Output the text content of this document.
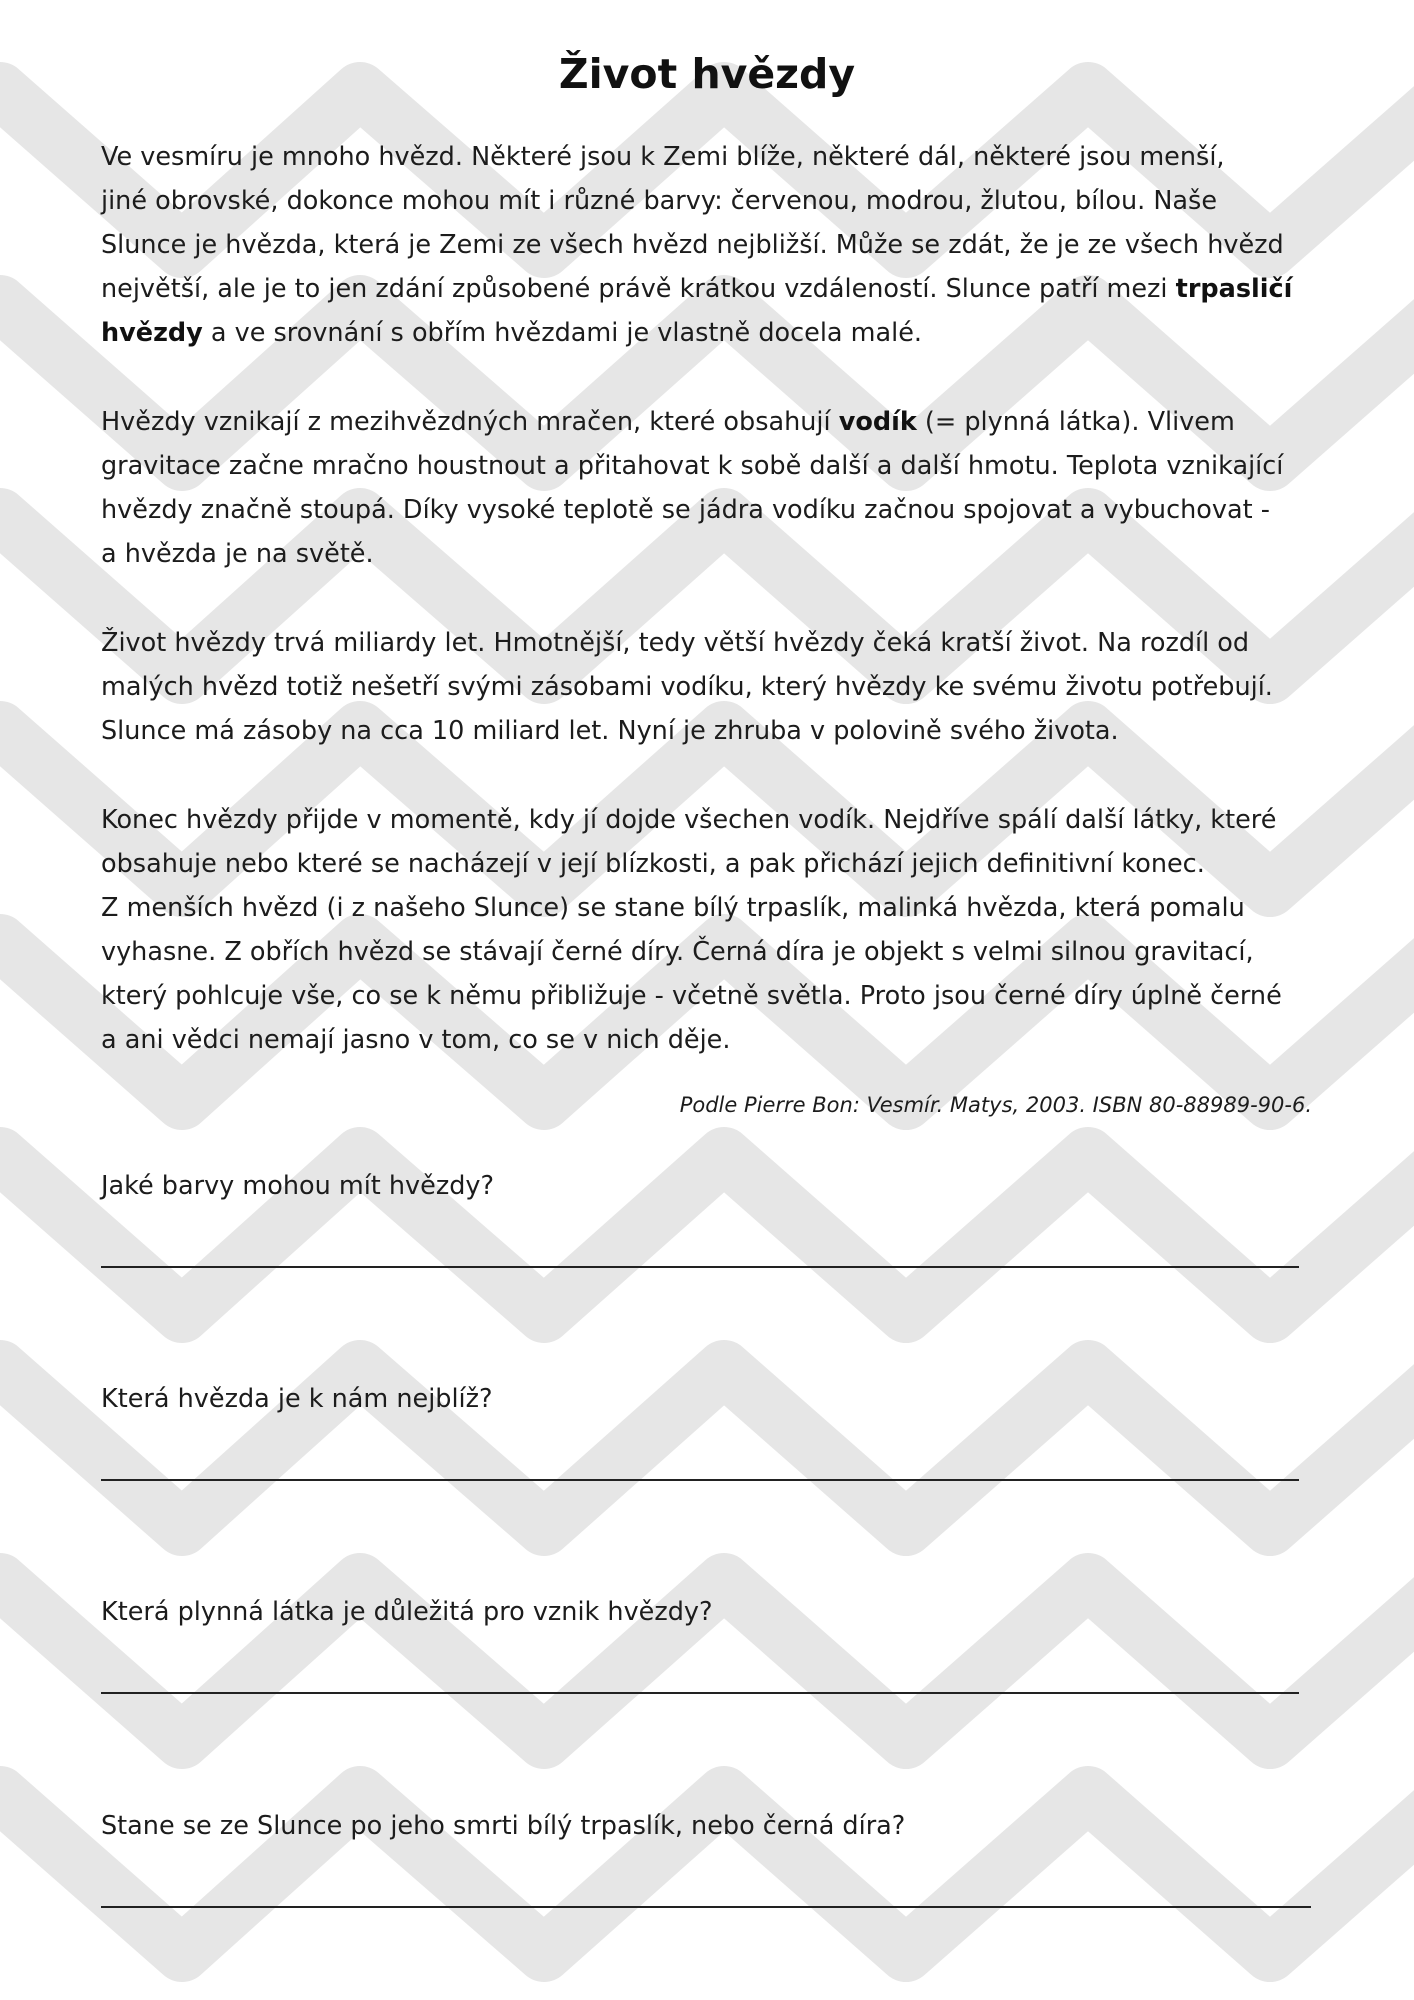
Život hvězdy

Ve vesmíru je mnoho hvězd. Některé jsou k Zemi blíže, některé dál, některé jsou menší,
jiné obrovské, dokonce mohou mít i různé barvy: červenou, modrou, žlutou, bílou. Naše
Slunce je hvězda, která je Zemi ze všech hvězd nejbližší. Může se zdát, že je ze všech hvězd
největší, ale je to jen zdání způsobené právě krátkou vzdáleností. Slunce patří mezi trpasličí
hvězdy a ve srovnání s obřím hvězdami je vlastně docela malé.

Hvězdy vznikají z mezihvězdných mračen, které obsahují vodík (= plynná látka). Vlivem
gravitace začne mračno houstnout a přitahovat k sobě další a další hmotu. Teplota vznikající
hvězdy značně stoupá. Díky vysoké teplotě se jádra vodíku začnou spojovat a vybuchovat -
a hvězda je na světě.

Život hvězdy trvá miliardy let. Hmotnější, tedy větší hvězdy čeká kratší život. Na rozdíl od
malých hvězd totiž nešetří svými zásobami vodíku, který hvězdy ke svému životu potřebují.
Slunce má zásoby na cca 10 miliard let. Nyní je zhruba v polovině svého života.

Konec hvězdy přijde v momentě, kdy jí dojde všechen vodík. Nejdříve spálí další látky, které
obsahuje nebo které se nacházejí v její blízkosti, a pak přichází jejich definitivní konec.
Z menších hvězd (i z našeho Slunce) se stane bílý trpaslík, malinká hvězda, která pomalu
vyhasne. Z obřích hvězd se stávají černé díry. Černá díra je objekt s velmi silnou gravitací,
který pohlcuje vše, co se k němu přibližuje - včetně světla. Proto jsou černé díry úplně černé
a ani vědci nemají jasno v tom, co se v nich děje.

Podle Pierre Bon: Vesmír. Matys, 2003. ISBN 80-88989-90-6.
Jaké barvy mohou mít hvězdy?
Která hvězda je k nám nejblíž?
Která plynná látka je důležitá pro vznik hvězdy?
Stane se ze Slunce po jeho smrti bílý trpaslík, nebo černá díra?
